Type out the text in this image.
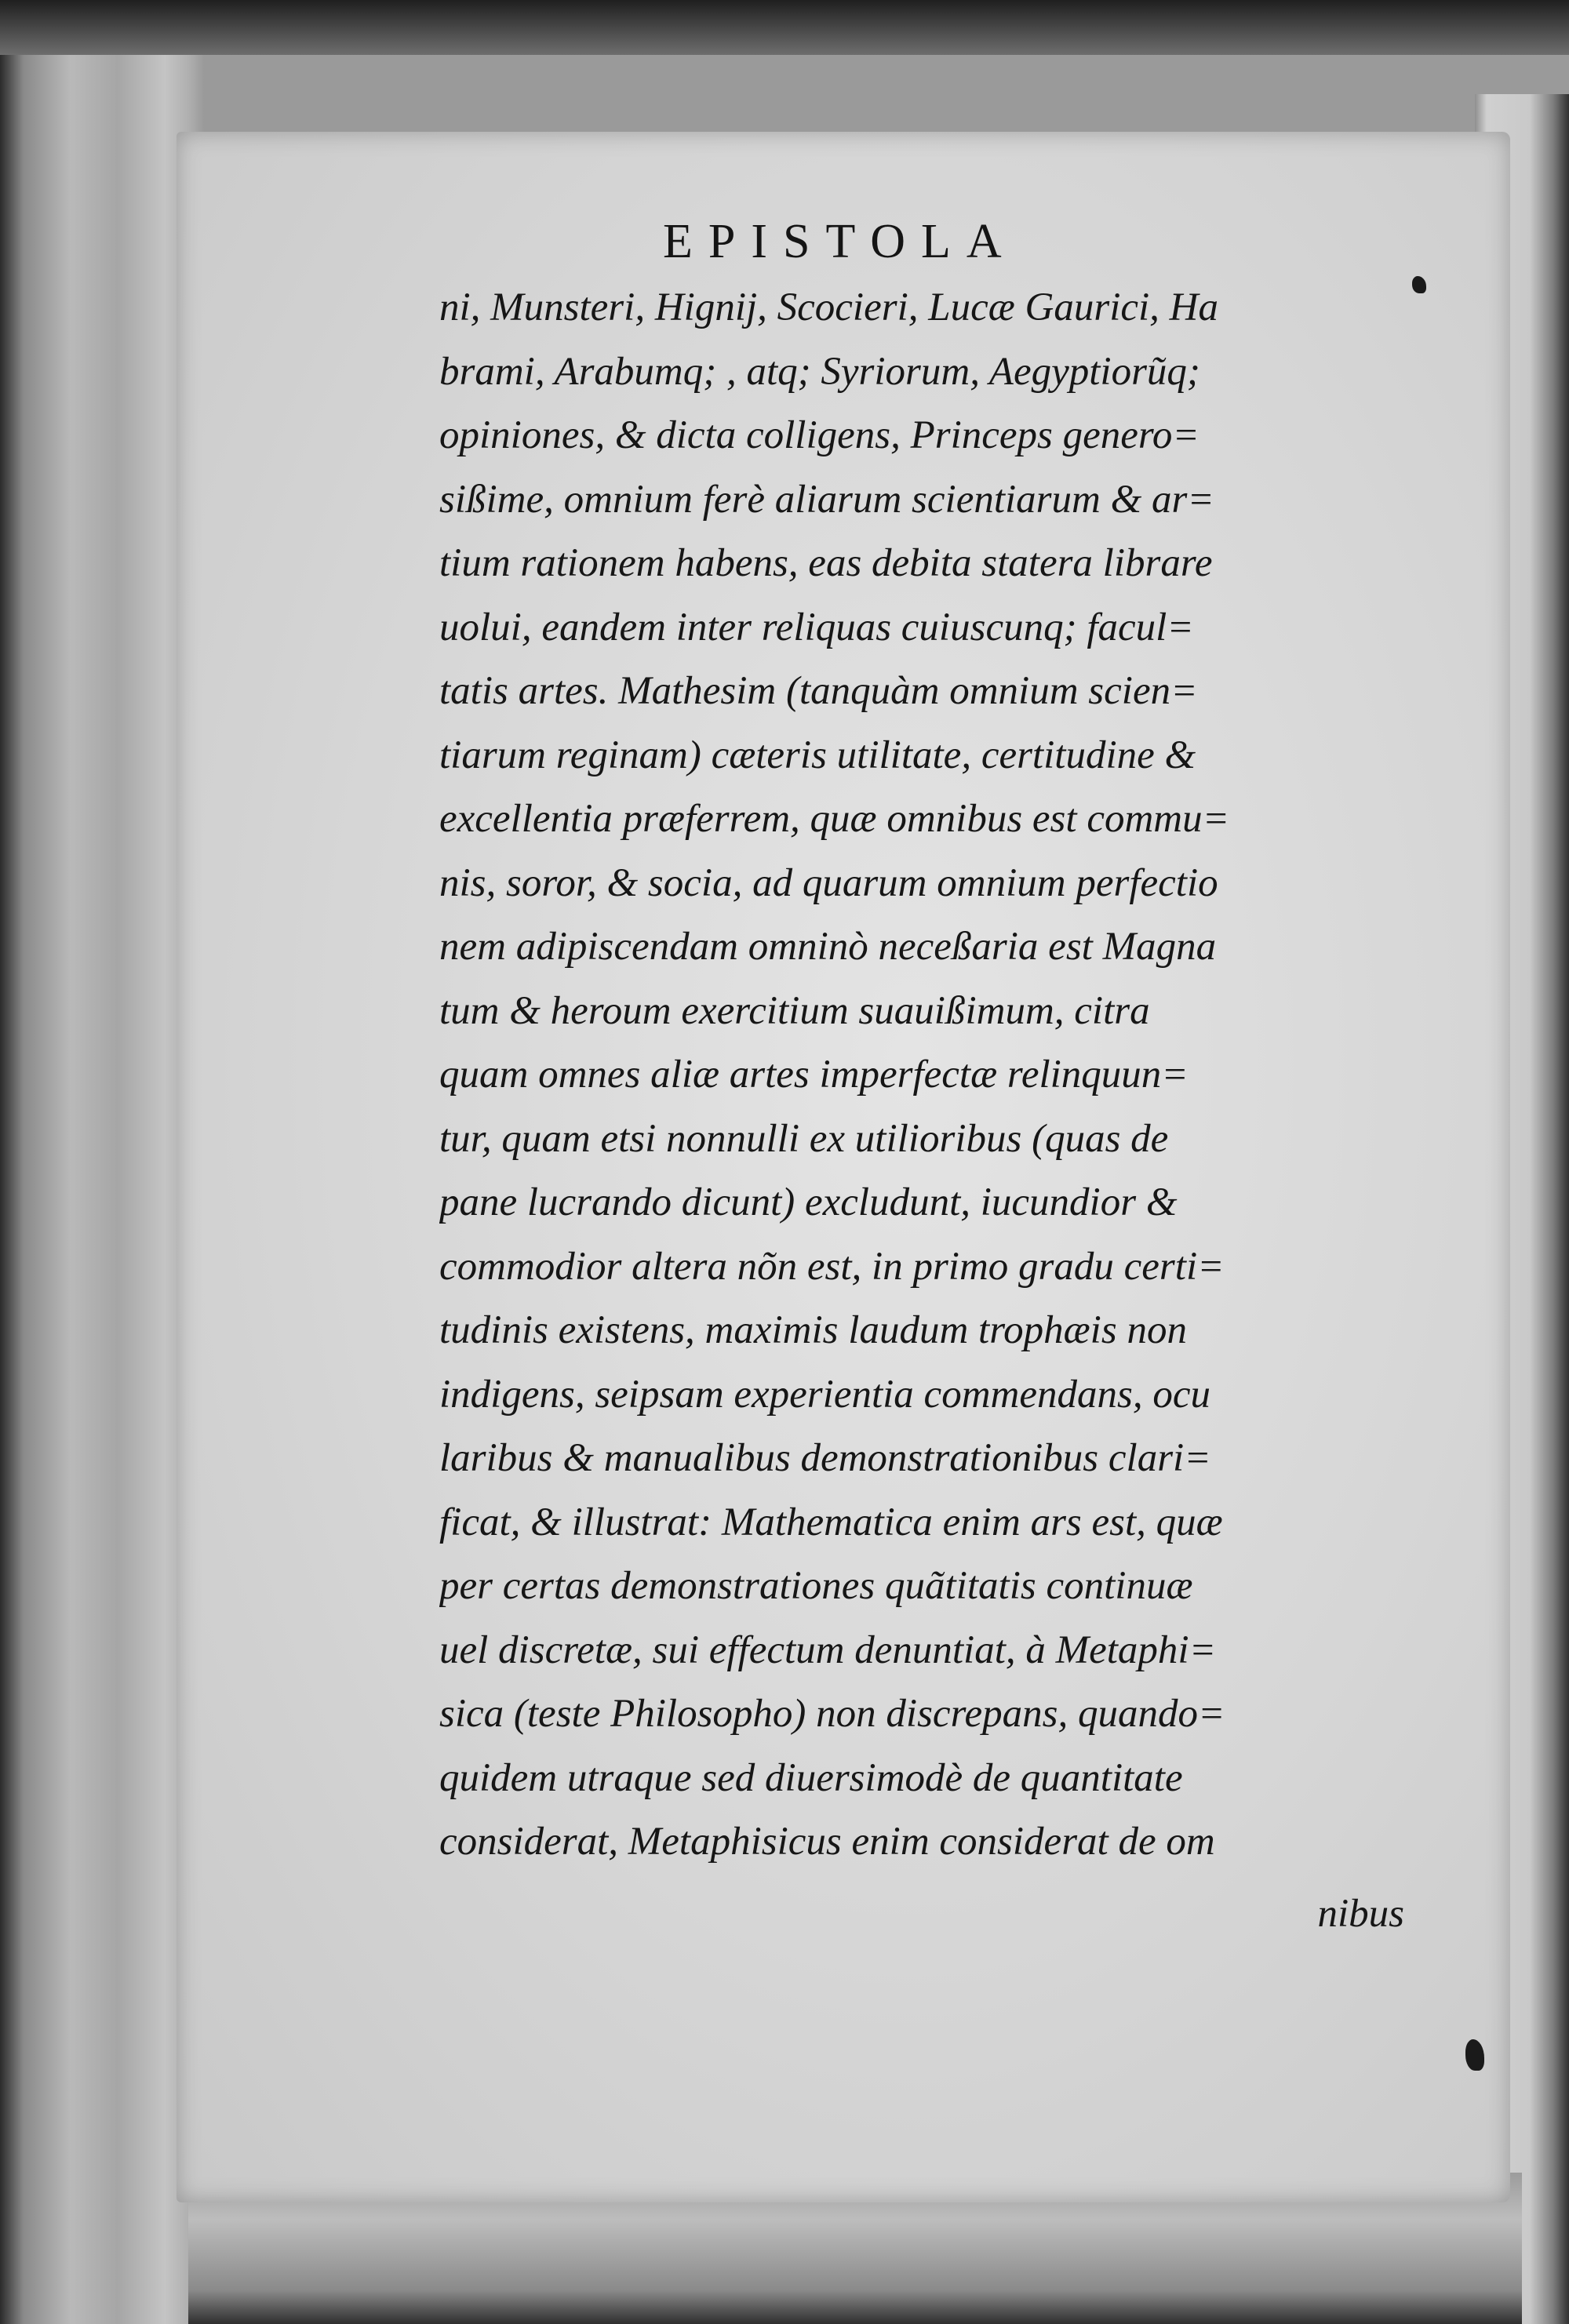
EPISTOLA
ni, Munsteri, Hignij, Scocieri, Lucæ Gaurici, Ha
brami, Arabumq; , atq; Syriorum, Aegyptiorũq;
opiniones, & dicta colligens, Princeps genero=
sißime, omnium ferè aliarum scientiarum & ar=
tium rationem habens, eas debita statera librare
uolui, eandem inter reliquas cuiuscunq; facul=
tatis artes. Mathesim (tanquàm omnium scien=
tiarum reginam) cæteris utilitate, certitudine &
excellentia præferrem, quæ omnibus est commu=
nis, soror, & socia, ad quarum omnium perfectio
nem adipiscendam omninò neceßaria est Magna
tum & heroum exercitium suauißimum, citra
quam omnes aliæ artes imperfectæ relinquun=
tur, quam etsi nonnulli ex utilioribus (quas de
pane lucrando dicunt) excludunt, iucundior &
commodior altera nõn est, in primo gradu certi=
tudinis existens, maximis laudum trophæis non
indigens, seipsam experientia commendans, ocu
laribus & manualibus demonstrationibus clari=
ficat, & illustrat: Mathematica enim ars est, quæ
per certas demonstrationes quãtitatis continuæ
uel discretæ, sui effectum denuntiat, à Metaphi=
sica (teste Philosopho) non discrepans, quando=
quidem utraque sed diuersimodè de quantitate
considerat, Metaphisicus enim considerat de om
nibus
